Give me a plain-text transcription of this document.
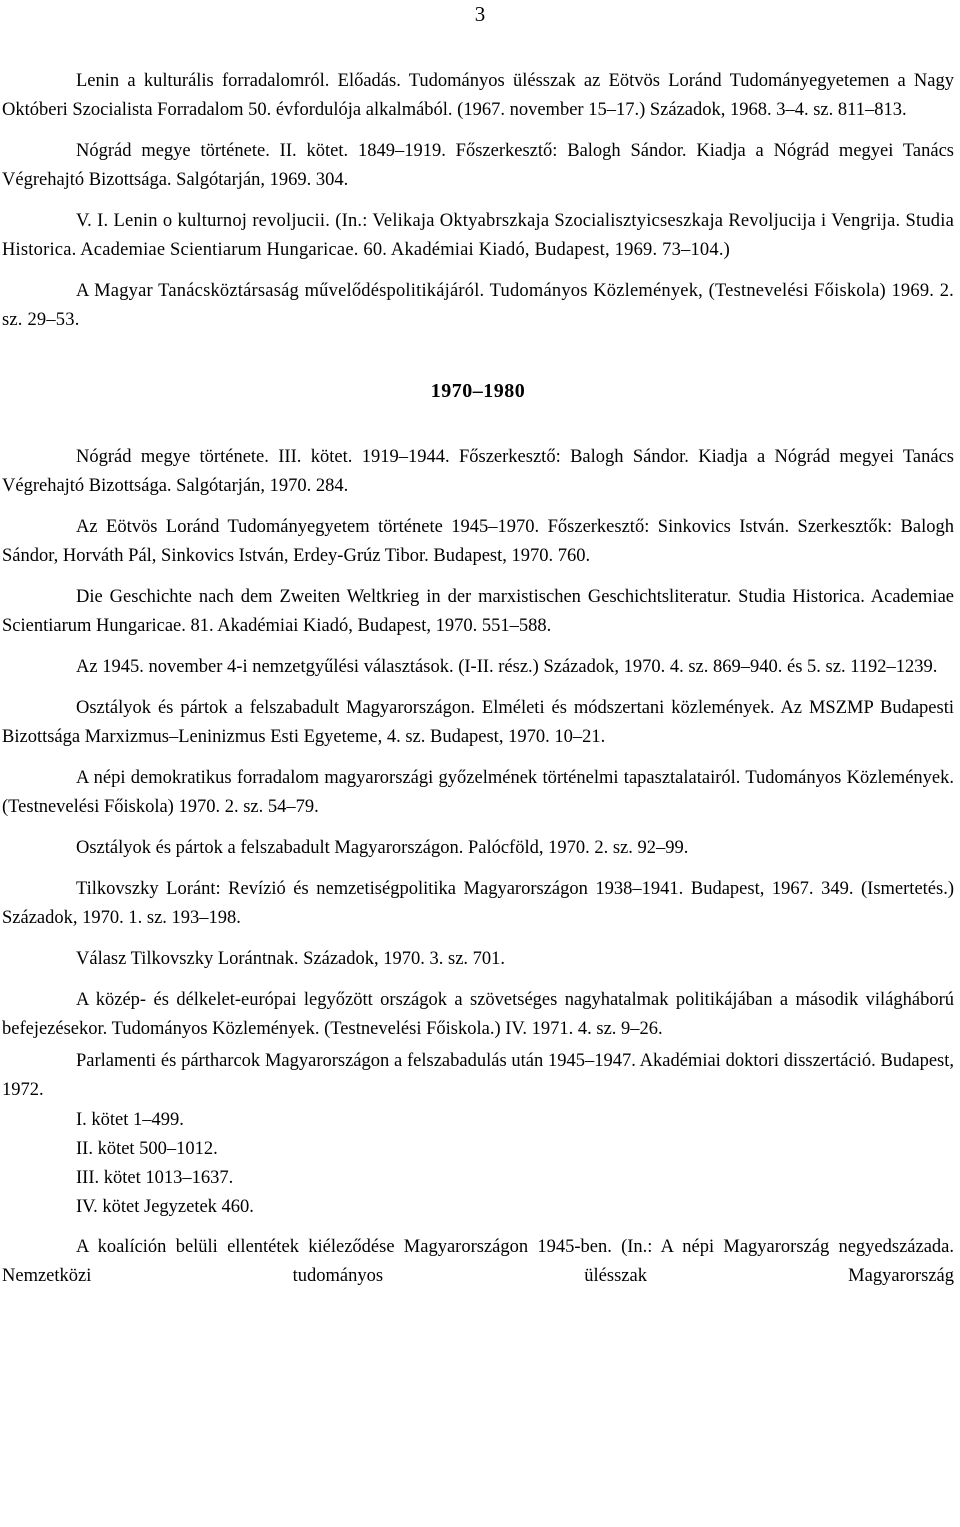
3

Lenin a kulturális forradalomról. Előadás. Tudományos ülésszak az Eötvös Loránd Tudományegyetemen a Nagy Októberi Szocialista Forradalom 50. évfordulója alkalmából. (1967. november 15–17.) Századok, 1968. 3–4. sz. 811–813.

Nógrád megye története. II. kötet. 1849–1919. Főszerkesztő: Balogh Sándor. Kiadja a Nógrád megyei Tanács Végrehajtó Bizottsága. Salgótarján, 1969. 304.

V. I. Lenin o kulturnoj revoljucii. (In.: Velikaja Oktyabrszkaja Szocialisztyicseszkaja Revoljucija i Vengrija. Studia Historica. Academiae Scientiarum Hungaricae. 60. Akadémiai Kiadó, Budapest, 1969. 73–104.)

A Magyar Tanácsköztársaság művelődéspolitikájáról. Tudományos Közlemények, (Testnevelési Főiskola) 1969. 2. sz. 29–53.

1970–1980

Nógrád megye története. III. kötet. 1919–1944. Főszerkesztő: Balogh Sándor. Kiadja a Nógrád megyei Tanács Végrehajtó Bizottsága. Salgótarján, 1970. 284.

Az Eötvös Loránd Tudományegyetem története 1945–1970. Főszerkesztő: Sinkovics István. Szerkesztők: Balogh Sándor, Horváth Pál, Sinkovics István, Erdey-Grúz Tibor. Budapest, 1970. 760.

Die Geschichte nach dem Zweiten Weltkrieg in der marxistischen Geschichtsliteratur. Studia Historica. Academiae Scientiarum Hungaricae. 81. Akadémiai Kiadó, Budapest, 1970. 551–588.

Az 1945. november 4-i nemzetgyűlési választások. (I-II. rész.) Századok, 1970. 4. sz. 869–940. és 5. sz. 1192–1239.

Osztályok és pártok a felszabadult Magyarországon. Elméleti és módszertani közlemények. Az MSZMP Budapesti Bizottsága Marxizmus–Leninizmus Esti Egyeteme, 4. sz. Budapest, 1970. 10–21.

A népi demokratikus forradalom magyarországi győzelmének történelmi tapasztalatairól. Tudományos Közlemények. (Testnevelési Főiskola) 1970. 2. sz. 54–79.

Osztályok és pártok a felszabadult Magyarországon. Palócföld, 1970. 2. sz. 92–99.

Tilkovszky Loránt: Revízió és nemzetiségpolitika Magyarországon 1938–1941. Budapest, 1967. 349. (Ismertetés.) Századok, 1970. 1. sz. 193–198.

Válasz Tilkovszky Lorántnak. Századok, 1970. 3. sz. 701.

A közép- és délkelet-európai legyőzött országok a szövetséges nagyhatalmak politikájában a második világháború befejezésekor. Tudományos Közlemények. (Testnevelési Főiskola.) IV. 1971. 4. sz. 9–26.

Parlamenti és pártharcok Magyarországon a felszabadulás után 1945–1947. Akadémiai doktori disszertáció. Budapest, 1972.

I. kötet 1–499.
II. kötet 500–1012.
III. kötet 1013–1637.
IV. kötet Jegyzetek 460.

A koalíción belüli ellentétek kiéleződése Magyarországon 1945-ben. (In.: A népi Magyarország negyedszázada. Nemzetközi tudományos ülésszak Magyarország
